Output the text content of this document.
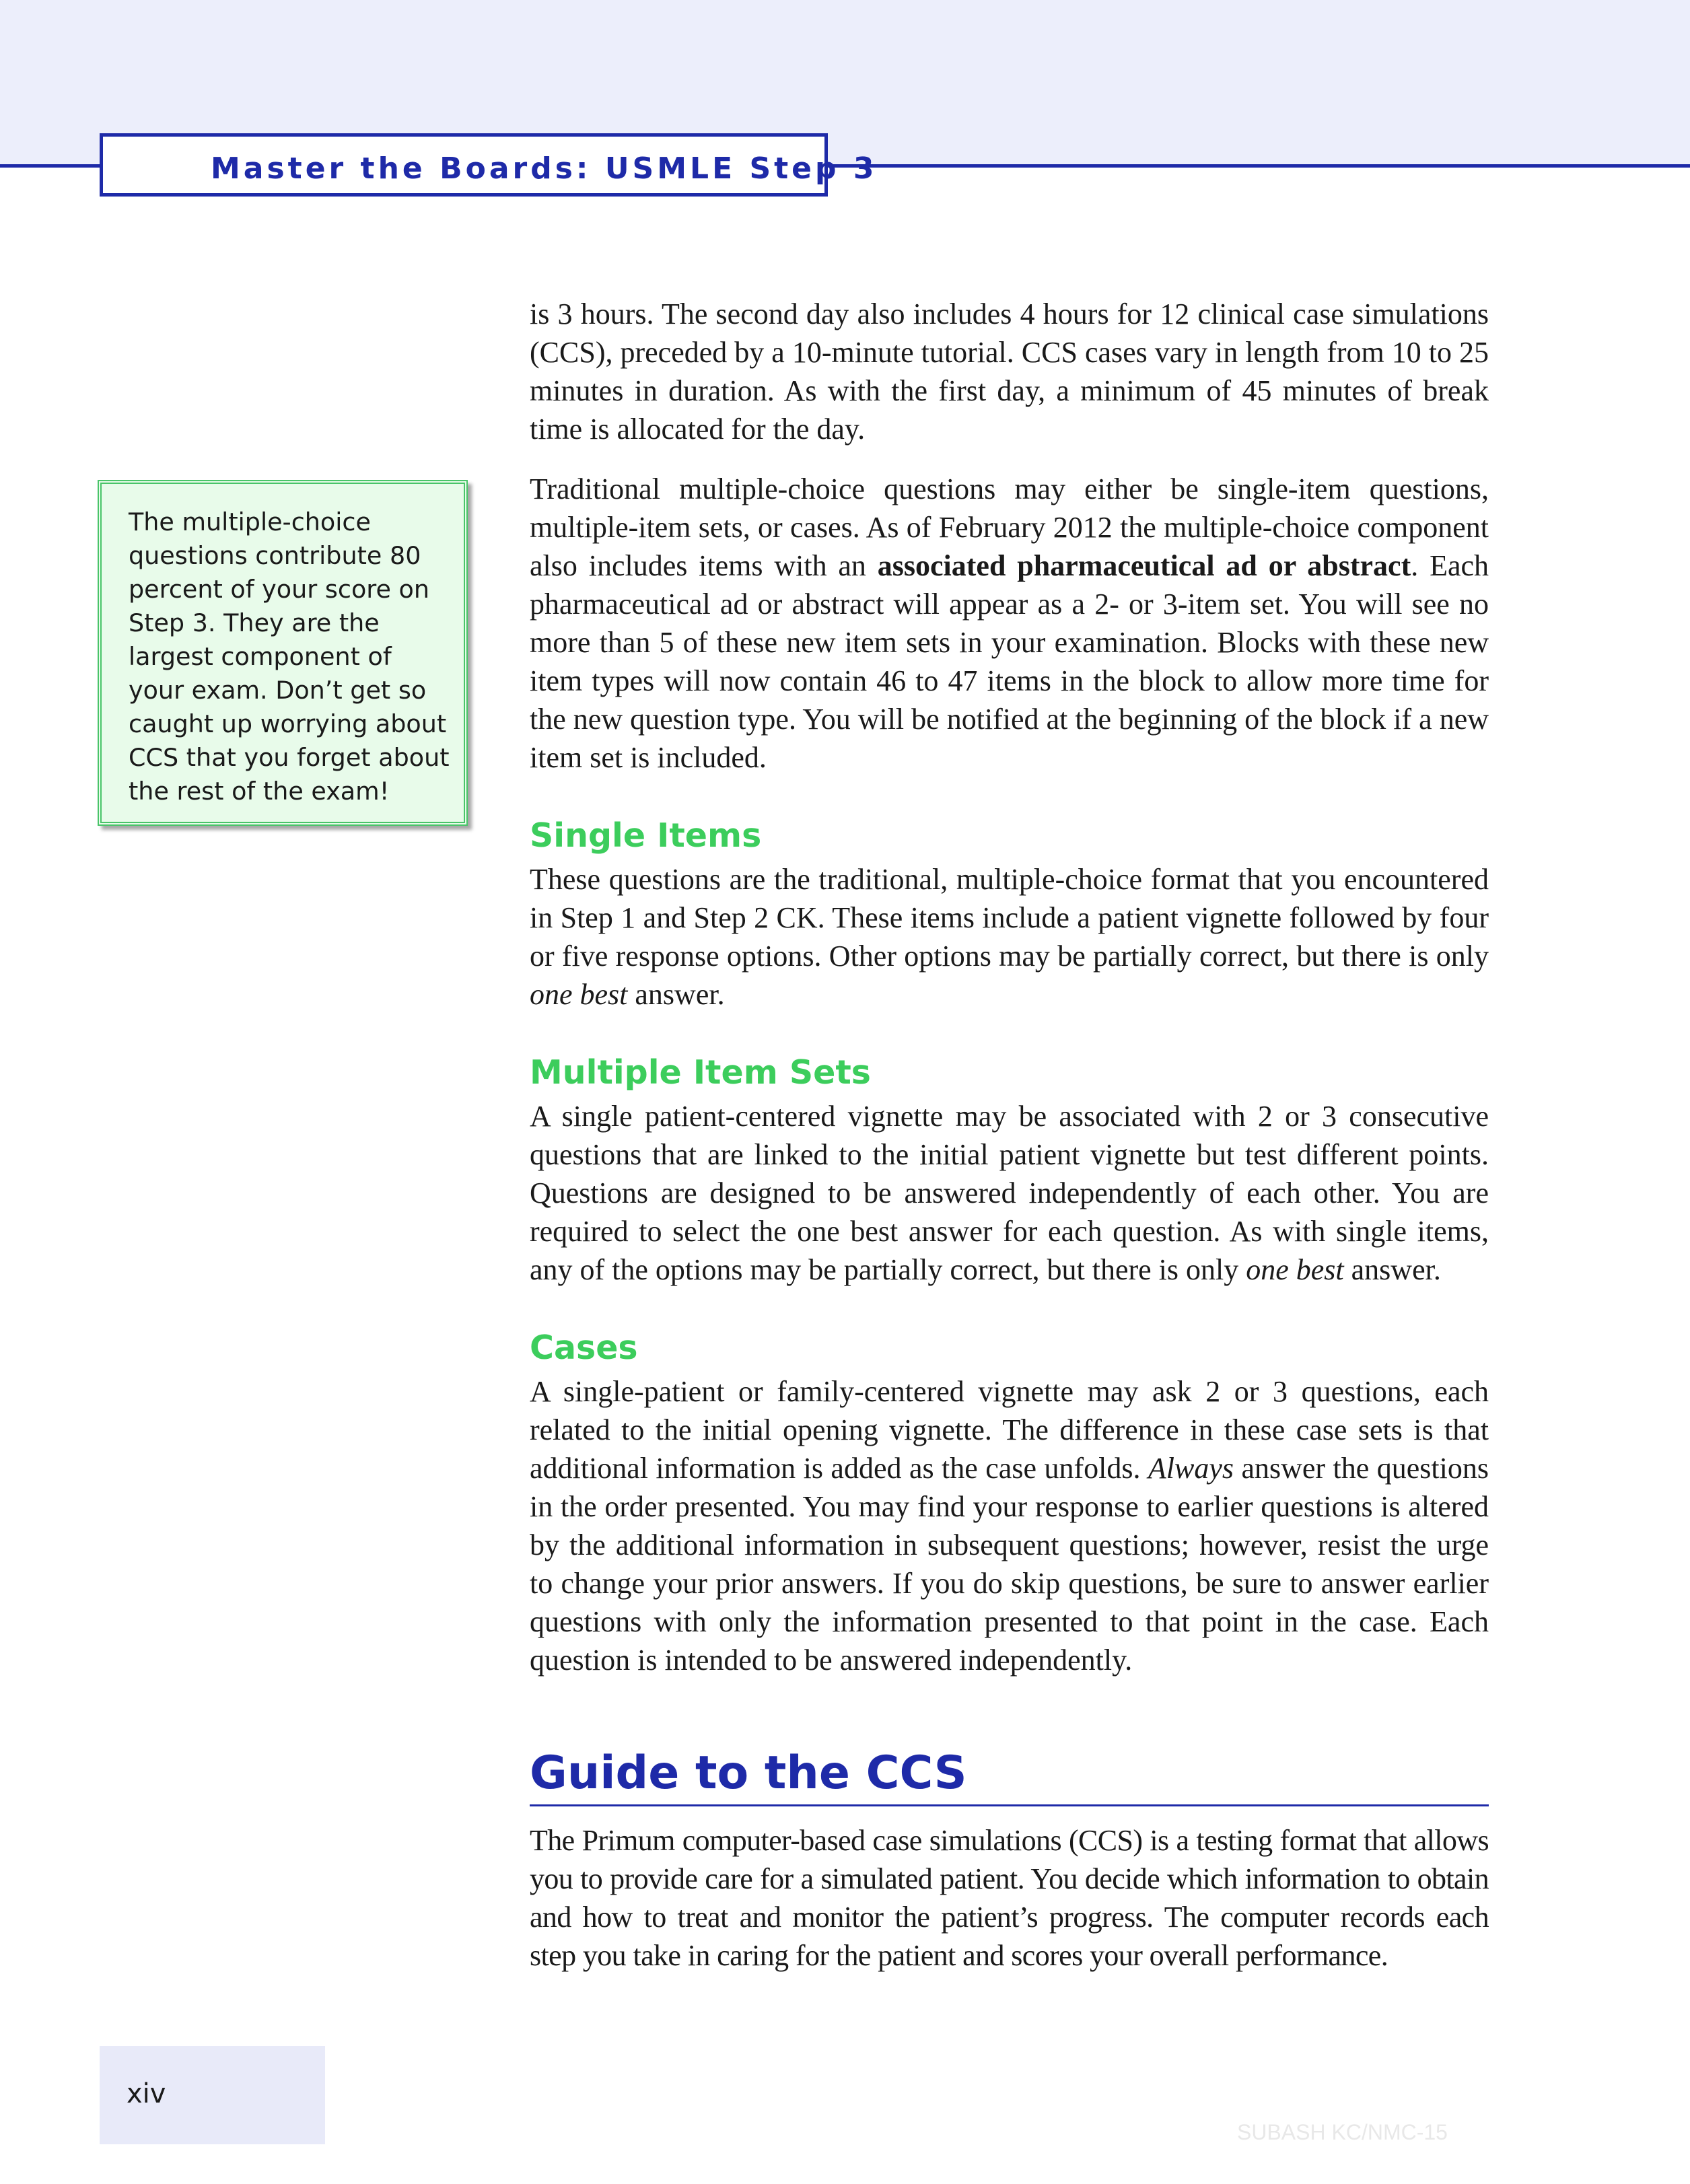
Master the Boards: USMLE Step 3

The multiple-choice questions contribute 80 percent of your score on Step 3. They are the largest component of your exam. Don’t get so caught up worrying about CCS that you forget about the rest of the exam!

is 3 hours. The second day also includes 4 hours for 12 clinical case simulations (CCS), preceded by a 10-minute tutorial. CCS cases vary in length from 10 to 25 minutes in duration. As with the first day, a minimum of 45 minutes of break time is allocated for the day.

Traditional multiple-choice questions may either be single-item questions, multiple-item sets, or cases. As of February 2012 the multiple-choice component also includes items with an associated pharmaceutical ad or abstract. Each pharmaceutical ad or abstract will appear as a 2- or 3-item set. You will see no more than 5 of these new item sets in your examination. Blocks with these new item types will now contain 46 to 47 items in the block to allow more time for the new question type. You will be notified at the beginning of the block if a new item set is included.

Single Items

These questions are the traditional, multiple-choice format that you encountered in Step 1 and Step 2 CK. These items include a patient vignette followed by four or five response options. Other options may be partially correct, but there is only one best answer.

Multiple Item Sets

A single patient-centered vignette may be associated with 2 or 3 consecutive questions that are linked to the initial patient vignette but test different points. Questions are designed to be answered independently of each other. You are required to select the one best answer for each question. As with single items, any of the options may be partially correct, but there is only one best answer.

Cases

A single-patient or family-centered vignette may ask 2 or 3 questions, each related to the initial opening vignette. The difference in these case sets is that additional information is added as the case unfolds. Always answer the questions in the order presented. You may find your response to earlier questions is altered by the additional information in subsequent questions; however, resist the urge to change your prior answers. If you do skip questions, be sure to answer earlier questions with only the information presented to that point in the case. Each question is intended to be answered independently.

Guide to the CCS

The Primum computer-based case simulations (CCS) is a testing format that allows you to provide care for a simulated patient. You decide which information to obtain and how to treat and monitor the patient’s progress. The computer records each step you take in caring for the patient and scores your overall performance.

xiv
SUBASH KC/NMC-15
